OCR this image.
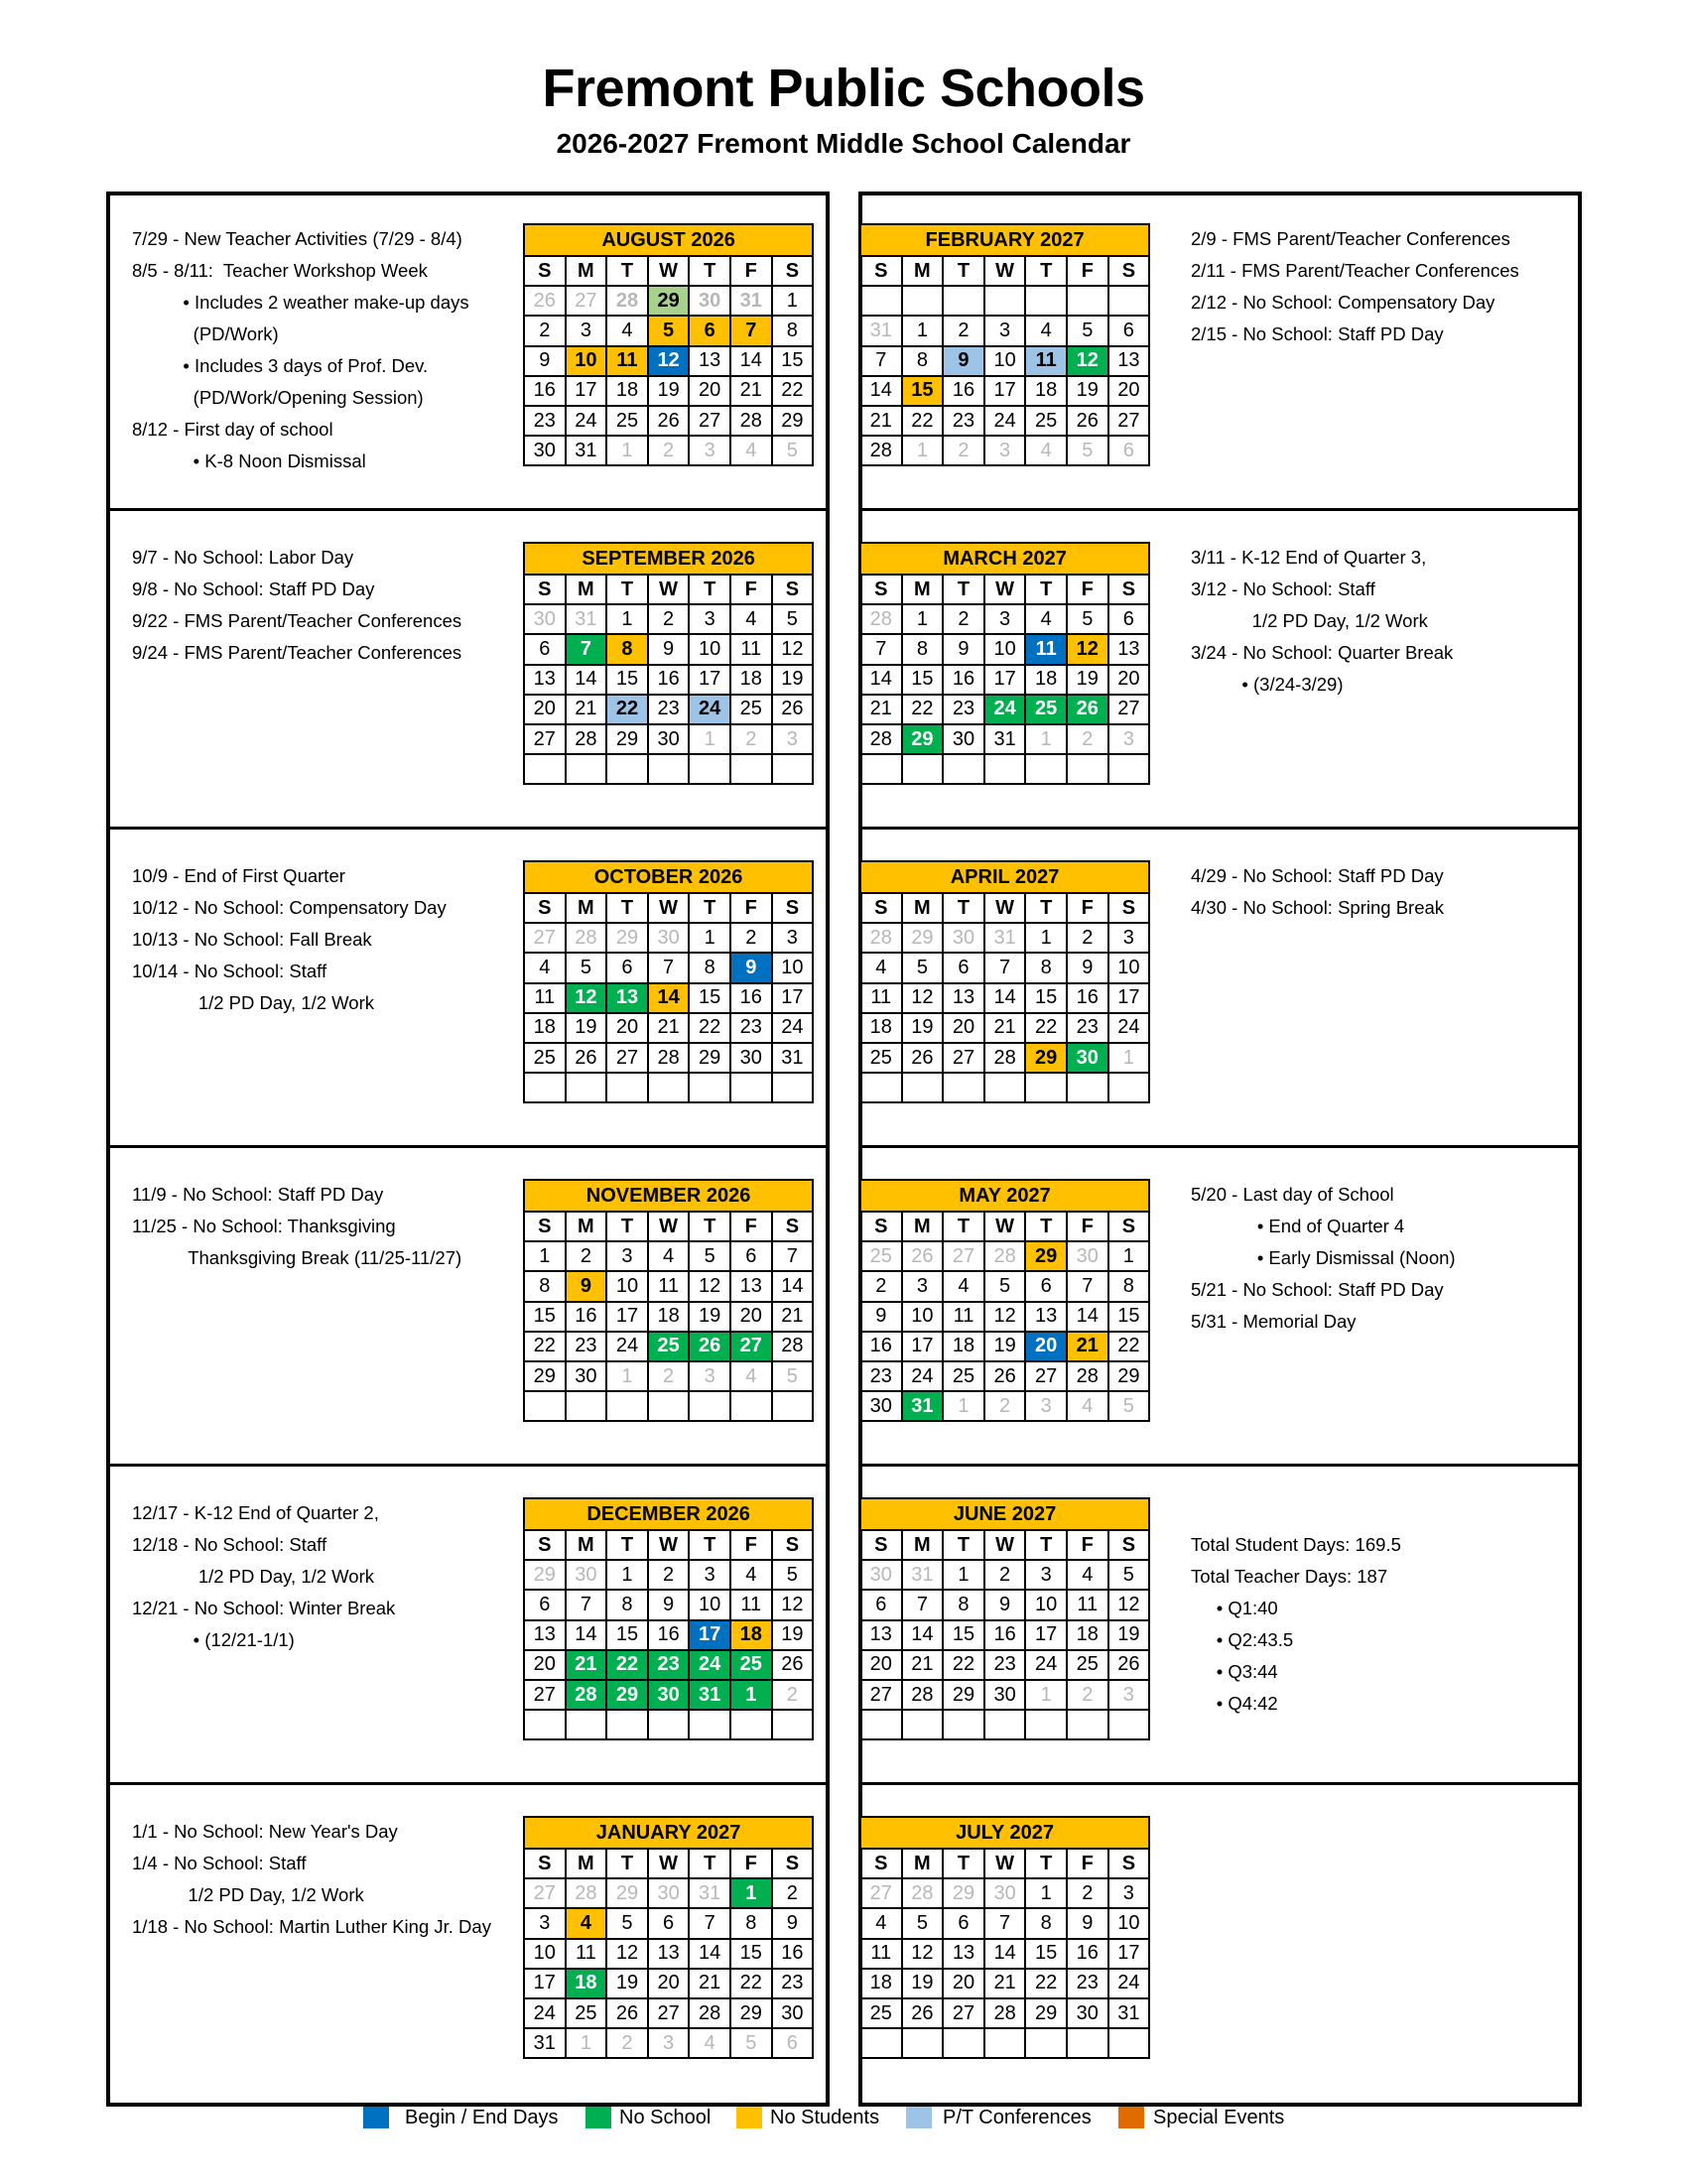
Fremont Public Schools
2026-2027 Fremont Middle School Calendar
7/29 - New Teacher Activities (7/29 - 8/4)
8/5 - 8/11:  Teacher Workshop Week
• Includes 2 weather make-up days
(PD/Work)
• Includes 3 days of Prof. Dev.
(PD/Work/Opening Session)
8/12 - First day of school
• K-8 Noon Dismissal
AUGUST 2026						
S	M	T	W	T	F	S
26	27	28	29	30	31	1
2	3	4	5	6	7	8
9	10	11	12	13	14	15
16	17	18	19	20	21	22
23	24	25	26	27	28	29
30	31	1	2	3	4	5
FEBRUARY 2027						
S	M	T	W	T	F	S

31	1	2	3	4	5	6
7	8	9	10	11	12	13
14	15	16	17	18	19	20
21	22	23	24	25	26	27
28	1	2	3	4	5	6
2/9 - FMS Parent/Teacher Conferences
2/11 - FMS Parent/Teacher Conferences
2/12 - No School: Compensatory Day
2/15 - No School: Staff PD Day
9/7 - No School: Labor Day
9/8 - No School: Staff PD Day
9/22 - FMS Parent/Teacher Conferences
9/24 - FMS Parent/Teacher Conferences
SEPTEMBER 2026						
S	M	T	W	T	F	S
30	31	1	2	3	4	5
6	7	8	9	10	11	12
13	14	15	16	17	18	19
20	21	22	23	24	25	26
27	28	29	30	1	2	3

MARCH 2027						
S	M	T	W	T	F	S
28	1	2	3	4	5	6
7	8	9	10	11	12	13
14	15	16	17	18	19	20
21	22	23	24	25	26	27
28	29	30	31	1	2	3

3/11 - K-12 End of Quarter 3,
3/12 - No School: Staff
1/2 PD Day, 1/2 Work
3/24 - No School: Quarter Break
• (3/24-3/29)
10/9 - End of First Quarter
10/12 - No School: Compensatory Day
10/13 - No School: Fall Break
10/14 - No School: Staff
1/2 PD Day, 1/2 Work
OCTOBER 2026						
S	M	T	W	T	F	S
27	28	29	30	1	2	3
4	5	6	7	8	9	10
11	12	13	14	15	16	17
18	19	20	21	22	23	24
25	26	27	28	29	30	31

APRIL 2027						
S	M	T	W	T	F	S
28	29	30	31	1	2	3
4	5	6	7	8	9	10
11	12	13	14	15	16	17
18	19	20	21	22	23	24
25	26	27	28	29	30	1

4/29 - No School: Staff PD Day
4/30 - No School: Spring Break
11/9 - No School: Staff PD Day
11/25 - No School: Thanksgiving
Thanksgiving Break (11/25-11/27)
NOVEMBER 2026						
S	M	T	W	T	F	S
1	2	3	4	5	6	7
8	9	10	11	12	13	14
15	16	17	18	19	20	21
22	23	24	25	26	27	28
29	30	1	2	3	4	5

MAY 2027						
S	M	T	W	T	F	S
25	26	27	28	29	30	1
2	3	4	5	6	7	8
9	10	11	12	13	14	15
16	17	18	19	20	21	22
23	24	25	26	27	28	29
30	31	1	2	3	4	5
5/20 - Last day of School
• End of Quarter 4
• Early Dismissal (Noon)
5/21 - No School: Staff PD Day
5/31 - Memorial Day
12/17 - K-12 End of Quarter 2,
12/18 - No School: Staff
1/2 PD Day, 1/2 Work
12/21 - No School: Winter Break
• (12/21-1/1)
DECEMBER 2026						
S	M	T	W	T	F	S
29	30	1	2	3	4	5
6	7	8	9	10	11	12
13	14	15	16	17	18	19
20	21	22	23	24	25	26
27	28	29	30	31	1	2

JUNE 2027						
S	M	T	W	T	F	S
30	31	1	2	3	4	5
6	7	8	9	10	11	12
13	14	15	16	17	18	19
20	21	22	23	24	25	26
27	28	29	30	1	2	3

Total Student Days: 169.5
Total Teacher Days: 187
• Q1:40
• Q2:43.5
• Q3:44
• Q4:42
1/1 - No School: New Year's Day
1/4 - No School: Staff
1/2 PD Day, 1/2 Work
1/18 - No School: Martin Luther King Jr. Day
JANUARY 2027						
S	M	T	W	T	F	S
27	28	29	30	31	1	2
3	4	5	6	7	8	9
10	11	12	13	14	15	16
17	18	19	20	21	22	23
24	25	26	27	28	29	30
31	1	2	3	4	5	6
JULY 2027						
S	M	T	W	T	F	S
27	28	29	30	1	2	3
4	5	6	7	8	9	10
11	12	13	14	15	16	17
18	19	20	21	22	23	24
25	26	27	28	29	30	31

Begin / End Days	No School	No Students	P/T Conferences	Special Events
